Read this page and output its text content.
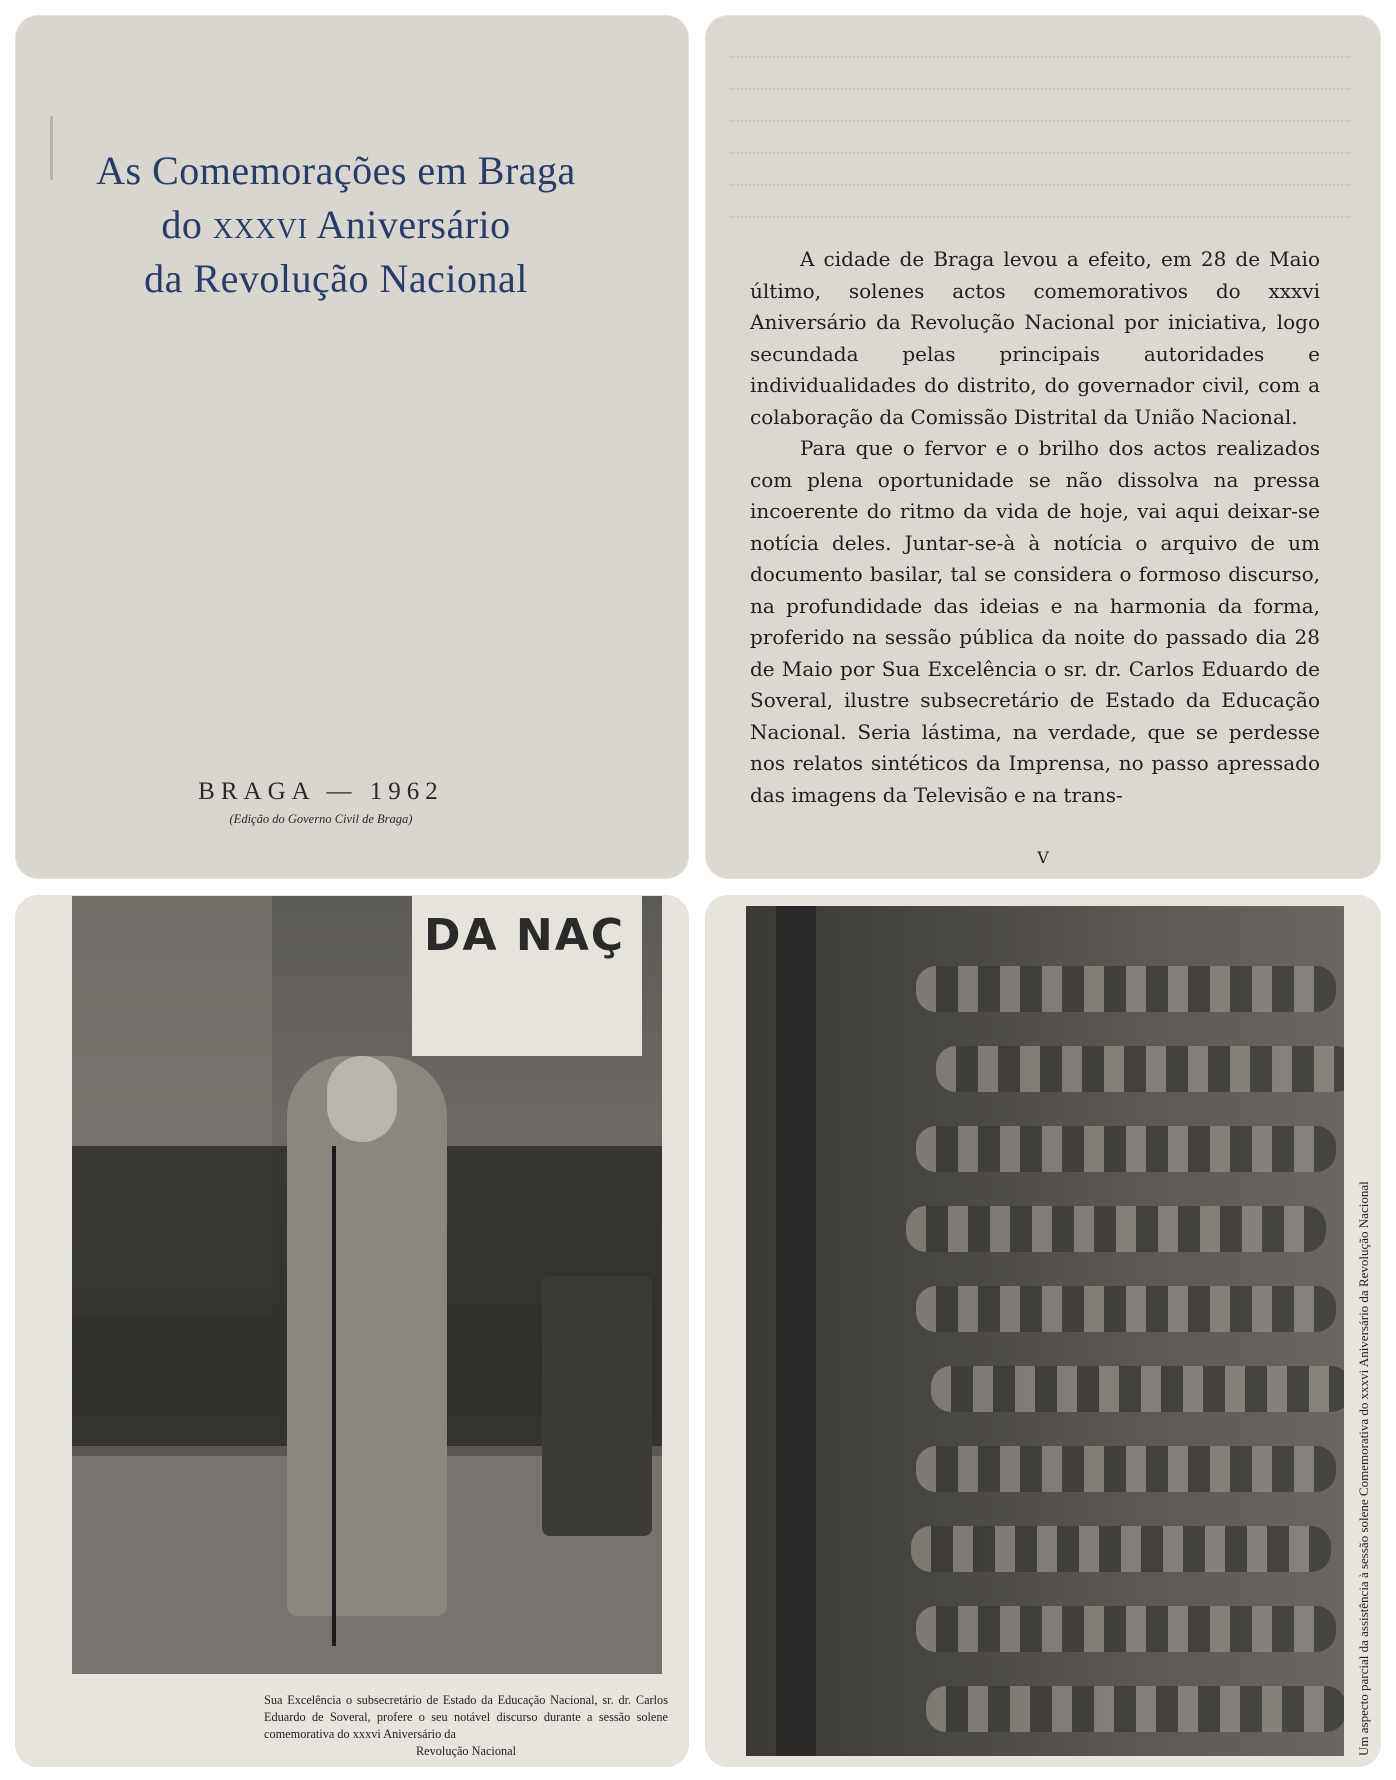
As Comemorações em Braga
do xxxvi Aniversário
da Revolução Nacional
BRAGA — 1962
(Edição do Governo Civil de Braga)

A cidade de Braga levou a efeito, em 28 de Maio último, solenes actos comemorativos do xxxvi Aniversário da Revolução Nacional por iniciativa, logo secundada pelas principais autoridades e individualidades do distrito, do governador civil, com a colaboração da Comissão Distrital da União Nacional.

Para que o fervor e o brilho dos actos realizados com plena oportunidade se não dissolva na pressa incoerente do ritmo da vida de hoje, vai aqui deixar-se notícia deles. Juntar-se-à à notícia o arquivo de um documento basilar, tal se considera o formoso discurso, na profundidade das ideias e na harmonia da forma, proferido na sessão pública da noite do passado dia 28 de Maio por Sua Excelência o sr. dr. Carlos Eduardo de Soveral, ilustre subsecretário de Estado da Educação Nacional. Seria lástima, na verdade, que se perdesse nos relatos sintéticos da Imprensa, no passo apressado das imagens da Televisão e na trans-

V
DA NAÇ
Sua Excelência o subsecretário de Estado da Educação Nacional, sr. dr. Carlos Eduardo de Soveral, profere o seu notável discurso durante a sessão solene comemorativa do xxxvi Aniversário da
Revolução Nacional	Um aspecto parcial da assistência à sessão solene Comemorativa do xxxvi Aniversário da Revolução Nacional
